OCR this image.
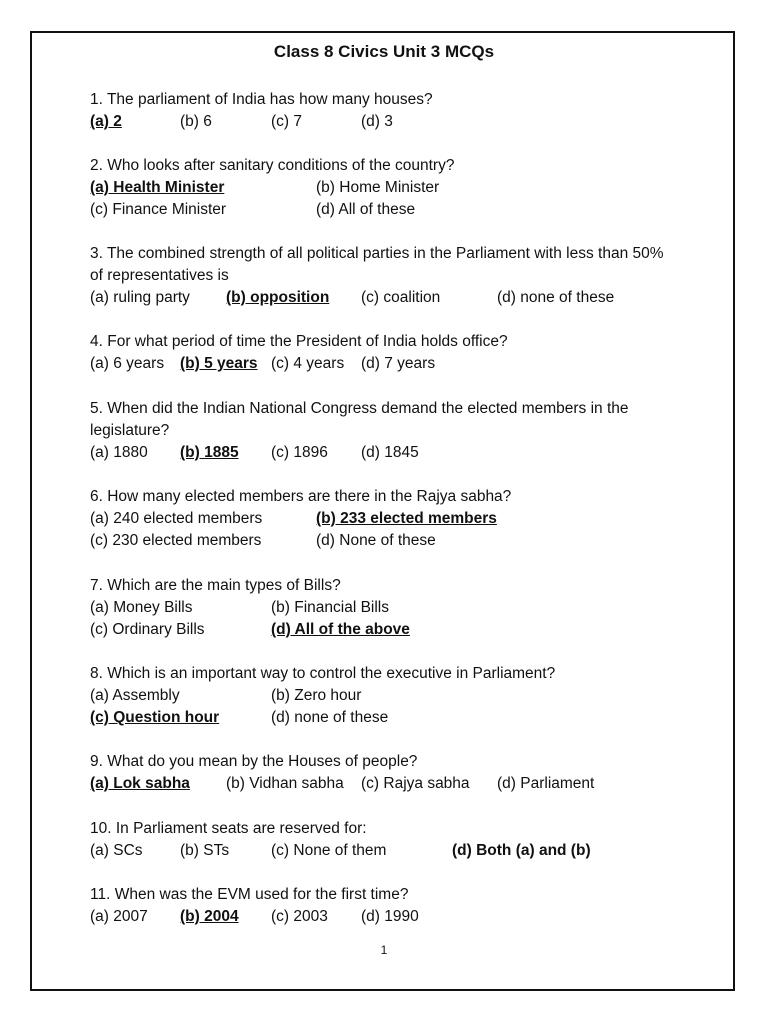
Class 8 Civics Unit 3 MCQs
1. The parliament of India has how many houses?
(a) 2	(b) 6	(c) 7	(d) 3
2. Who looks after sanitary conditions of the country?
(a) Health Minister	(b) Home Minister
(c) Finance Minister	(d) All of these
3. The combined strength of all political parties in the Parliament with less than 50% of representatives is
(a) ruling party (b) opposition (c) coalition	(d) none of these
4. For what period of time the President of India holds office?
(a) 6 years (b) 5 years (c) 4 years (d) 7 years
5. When did the Indian National Congress demand the elected members in the legislature?
(a) 1880 (b) 1885 (c) 1896 (d) 1845
6. How many elected members are there in the Rajya sabha?
(a) 240 elected members	(b) 233 elected members
(c) 230 elected members	(d) None of these
7. Which are the main types of Bills?
(a) Money Bills	(b) Financial Bills
(c) Ordinary Bills	(d) All of the above
8. Which is an important way to control the executive in Parliament?
(a) Assembly	(b) Zero hour
(c) Question hour	(d) none of these
9. What do you mean by the Houses of people?
(a) Lok sabha (b) Vidhan sabha (c) Rajya sabha (d) Parliament
10. In Parliament seats are reserved for:
(a) SCs (b) STs	(c) None of them	(d) Both (a) and (b)
11. When was the EVM used for the first time?
(a) 2007 (b) 2004 (c) 2003 (d) 1990
1
